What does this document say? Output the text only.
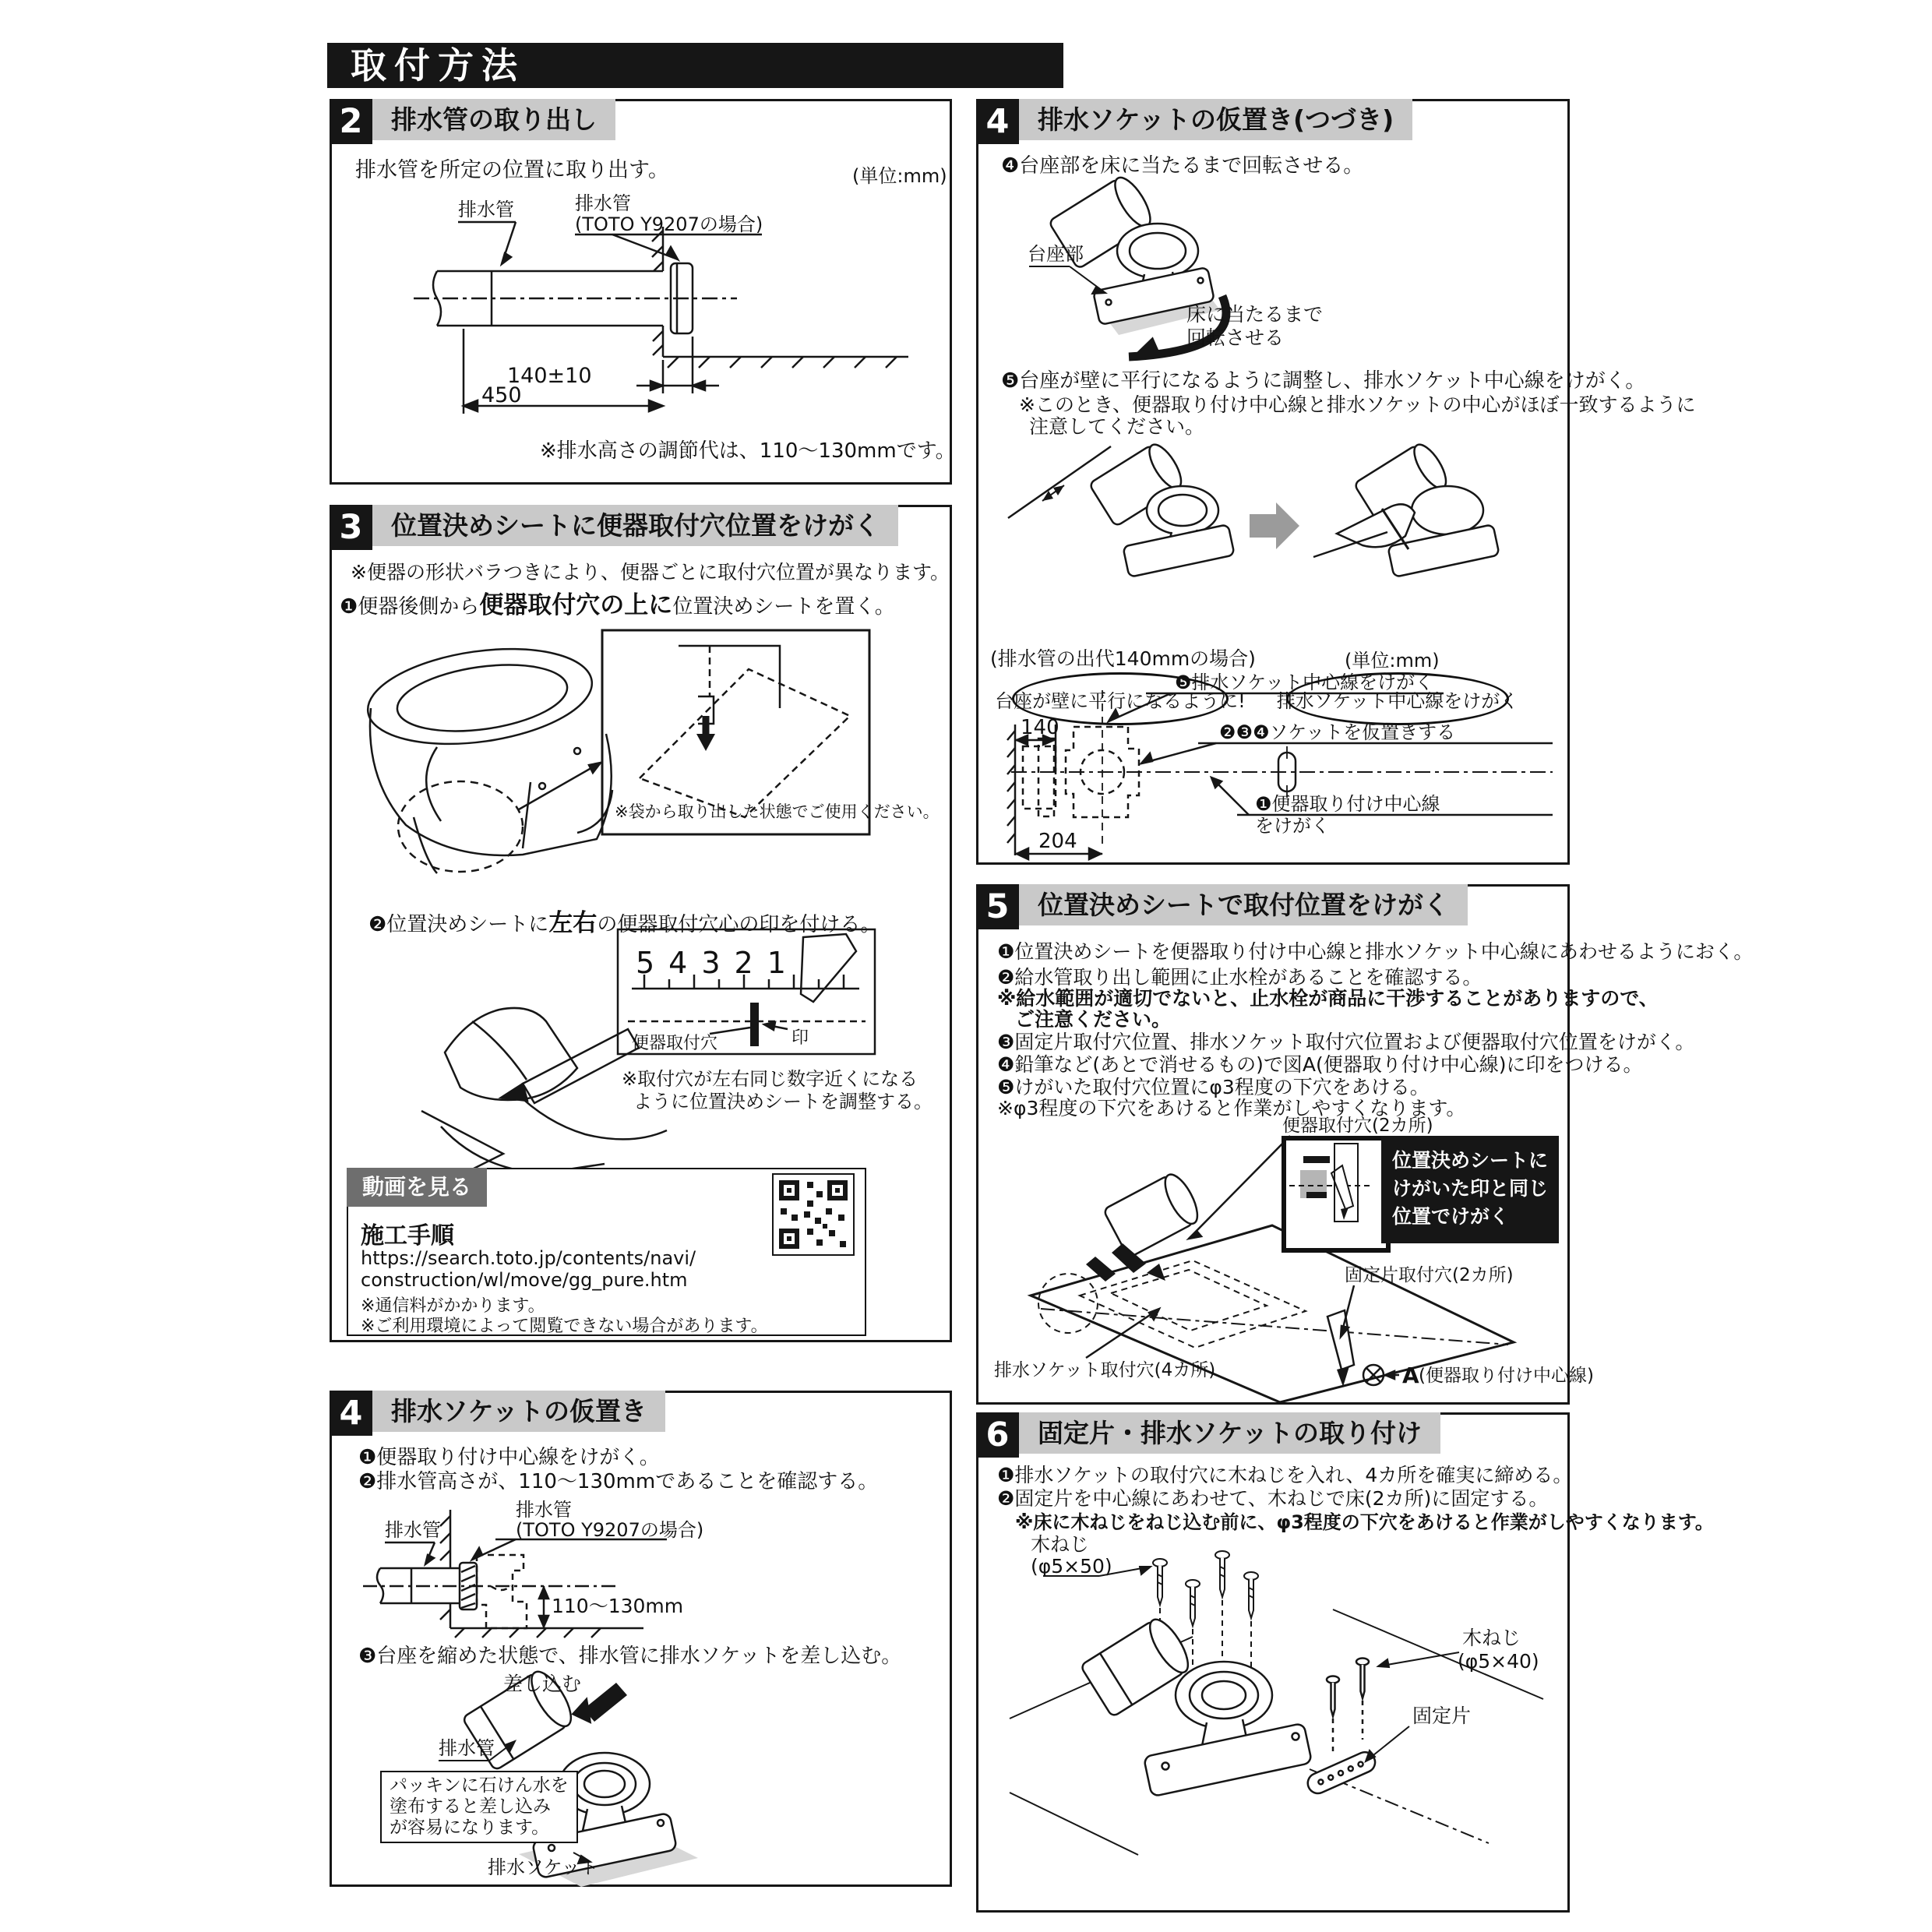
取付方法
2	排水管の取り出し
排水管を所定の位置に取り出す。	(単位:mm)
排水管	排水管
(TOTO Y9207の場合)
140±10
450
※排水高さの調節代は、110〜130mmです。
3	位置決めシートに便器取付穴位置をけがく
※便器の形状バラつきにより、便器ごとに取付穴位置が異なります。
❶便器後側から便器取付穴の上に位置決めシートを置く。
※袋から取り出した状態でご使用ください。
❷位置決めシートに左右の便器取付穴心の印を付ける。
54321
便器取付穴	印
※取付穴が左右同じ数字近くになる
ように位置決めシートを調整する。
動画を見る
施工手順
https://search.toto.jp/contents/navi/
construction/wl/move/gg_pure.htm
※通信料がかかります。
※ご利用環境によって閲覧できない場合があります。
4	排水ソケットの仮置き
❶便器取り付け中心線をけがく。
❷排水管高さが、110〜130mmであることを確認する。
排水管
排水管
(TOTO Y9207の場合)
110〜130mm
❸台座を縮めた状態で、排水管に排水ソケットを差し込む。
差し込む
排水管
排水ソケット
パッキンに石けん水を
塗布すると差し込み
が容易になります。
4	排水ソケットの仮置き(つづき)
❹台座部を床に当たるまで回転させる。
台座部
床に当たるまで
回転させる
❺台座が壁に平行になるように調整し、排水ソケット中心線をけがく。
※このとき、便器取り付け中心線と排水ソケットの中心がほぼ一致するように
注意してください。
台座が壁に平行になるように! 排水ソケット中心線をけがく
(排水管の出代140mmの場合)	(単位:mm)
140
204
❺排水ソケット中心線をけがく
❷❸❹ソケットを仮置きする
❶便器取り付け中心線
をけがく
5	位置決めシートで取付位置をけがく
❶位置決めシートを便器取り付け中心線と排水ソケット中心線にあわせるようにおく。
❷給水管取り出し範囲に止水栓があることを確認する。
※給水範囲が適切でないと、止水栓が商品に干渉することがありますので、
ご注意ください。
❸固定片取付穴位置、排水ソケット取付穴位置および便器取付穴位置をけがく。
❹鉛筆など(あとで消せるもの)で図A(便器取り付け中心線)に印をつける。
❺けがいた取付穴位置にφ3程度の下穴をあける。
※φ3程度の下穴をあけると作業がしやすくなります。
便器取付穴(2カ所)
固定片取付穴(2カ所)
排水ソケット取付穴(4カ所)	A (便器取り付け中心線)
位置決めシートに
けがいた印と同じ
位置でけがく
6	固定片・排水ソケットの取り付け
❶排水ソケットの取付穴に木ねじを入れ、4カ所を確実に締める。
❷固定片を中心線にあわせて、木ねじで床(2カ所)に固定する。
※床に木ねじをねじ込む前に、φ3程度の下穴をあけると作業がしやすくなります。
木ねじ
(φ5×50)
木ねじ
(φ5×40)
固定片
